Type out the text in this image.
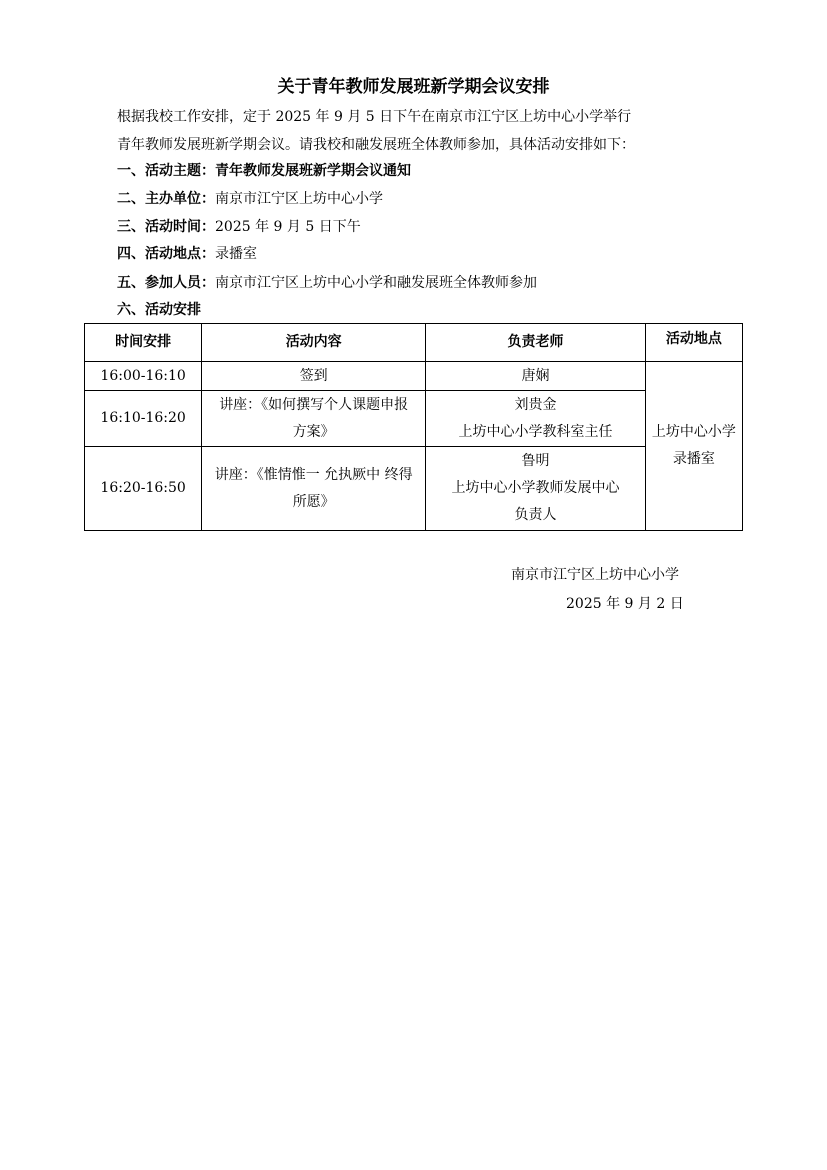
关于青年教师发展班新学期会议安排

根据我校工作安排，定于 2025 年 9 月 5 日下午在南京市江宁区上坊中心小学举行

青年教师发展班新学期会议。请我校和融发展班全体教师参加，具体活动安排如下：

一、活动主题：青年教师发展班新学期会议通知
二、主办单位：南京市江宁区上坊中心小学
三、活动时间：2025 年 9 月 5 日下午
四、活动地点：录播室
五、参加人员：南京市江宁区上坊中心小学和融发展班全体教师参加
六、活动安排
时间安排	活动内容	负责老师	活动地点
16:00-16:10	签到	唐娴	上坊中心小学录播室
16:10-16:20	讲座：《如何撰写个人课题申报方案》	刘贵金
上坊中心小学教科室主任	

16:20-16:50	讲座：《惟情惟一 允执厥中 终得所愿》	鲁明
上坊中心小学教师发展中心
负责人	
南京市江宁区上坊中心小学
2025 年 9 月 2 日
